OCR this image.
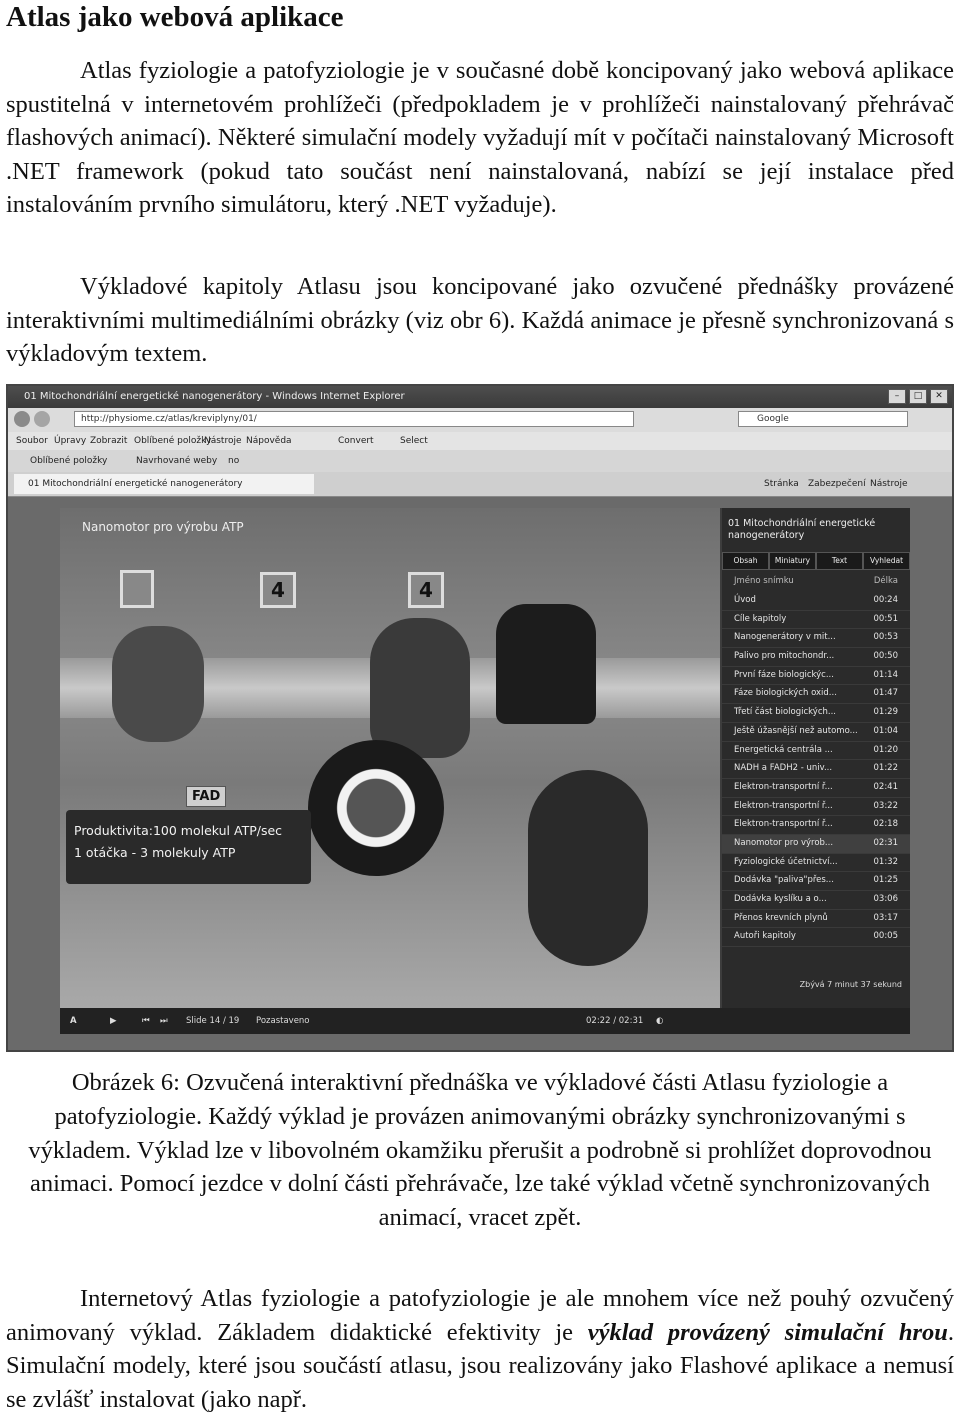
Atlas jako webová aplikace

Atlas fyziologie a patofyziologie je v současné době koncipovaný jako webová aplikace spustitelná v internetovém prohlížeči (předpokladem je v prohlížeči nainstalovaný přehrávač flashových animací). Některé simulační modely vyžadují mít v počítači nainstalovaný Microsoft .NET framework (pokud tato součást není nainstalovaná, nabízí se její instalace před instalováním prvního simulátoru, který .NET vyžaduje).

Výkladové kapitoly Atlasu jsou koncipované jako ozvučené přednášky provázené interaktivními multimediálními obrázky (viz obr 6). Každá animace je přesně synchronizovaná s výkladovým textem.

01 Mitochondriální energetické nanogenerátory - Windows Internet Explorer	–	□	✕
http://physiome.cz/atlas/kreviplyny/01/	Google
Soubor Úpravy Zobrazit Oblíbené položky
Nástroje Nápověda	Convert	Select
Oblíbené položky	Navrhované weby no
01 Mitochondriální energetické nanogenerátory	Stránka Zabezpečení Nástroje
Nanomotor pro výrobu ATP
4	4
FAD
Produktivita:100 molekul ATP/sec
1 otáčka - 3 molekuly ATP
01 Mitochondriální energetické nanogenerátory
Obsah	Miniatury	Text	Vyhledat
Jméno snímku	Délka
Úvod	00:24
Cíle kapitoly	00:51
Nanogenerátory v mit...	00:53
Palivo pro mitochondr...	00:50
První fáze biologickýc...	01:14
Fáze biologických oxid...	01:47
Třetí část biologických...	01:29
Ještě úžasnější než automo... 01:04
Energetická centrála ...	01:20
NADH a FADH2 - univ...	01:22
Elektron-transportní ř...	02:41
Elektron-transportní ř...	03:22
Elektron-transportní ř...	02:18
Nanomotor pro výrob...	02:31
Fyziologické účetnictví...	01:32
Dodávka "paliva"přes...	01:25
Dodávka kyslíku a o...	03:06
Přenos krevních plynů	03:17
Autoři kapitoly	00:05
Zbývá 7 minut 37 sekund
A	▶	⏮ ⏭ Slide 14 / 19 Pozastaveno	02:22 / 02:31 ◐

Obrázek 6: Ozvučená interaktivní přednáška ve výkladové části Atlasu fyziologie a patofyziologie. Každý výklad je provázen animovanými obrázky synchronizovanými s výkladem. Výklad lze v libovolném okamžiku přerušit a podrobně si prohlížet doprovodnou animaci. Pomocí jezdce v dolní části přehrávače, lze také výklad včetně synchronizovaných animací, vracet zpět.

Internetový Atlas fyziologie a patofyziologie je ale mnohem více než pouhý ozvučený animovaný výklad. Základem didaktické efektivity je výklad provázený simulační hrou. Simulační modely, které jsou součástí atlasu, jsou realizovány jako Flashové aplikace a nemusí se zvlášť instalovat (jako např.
